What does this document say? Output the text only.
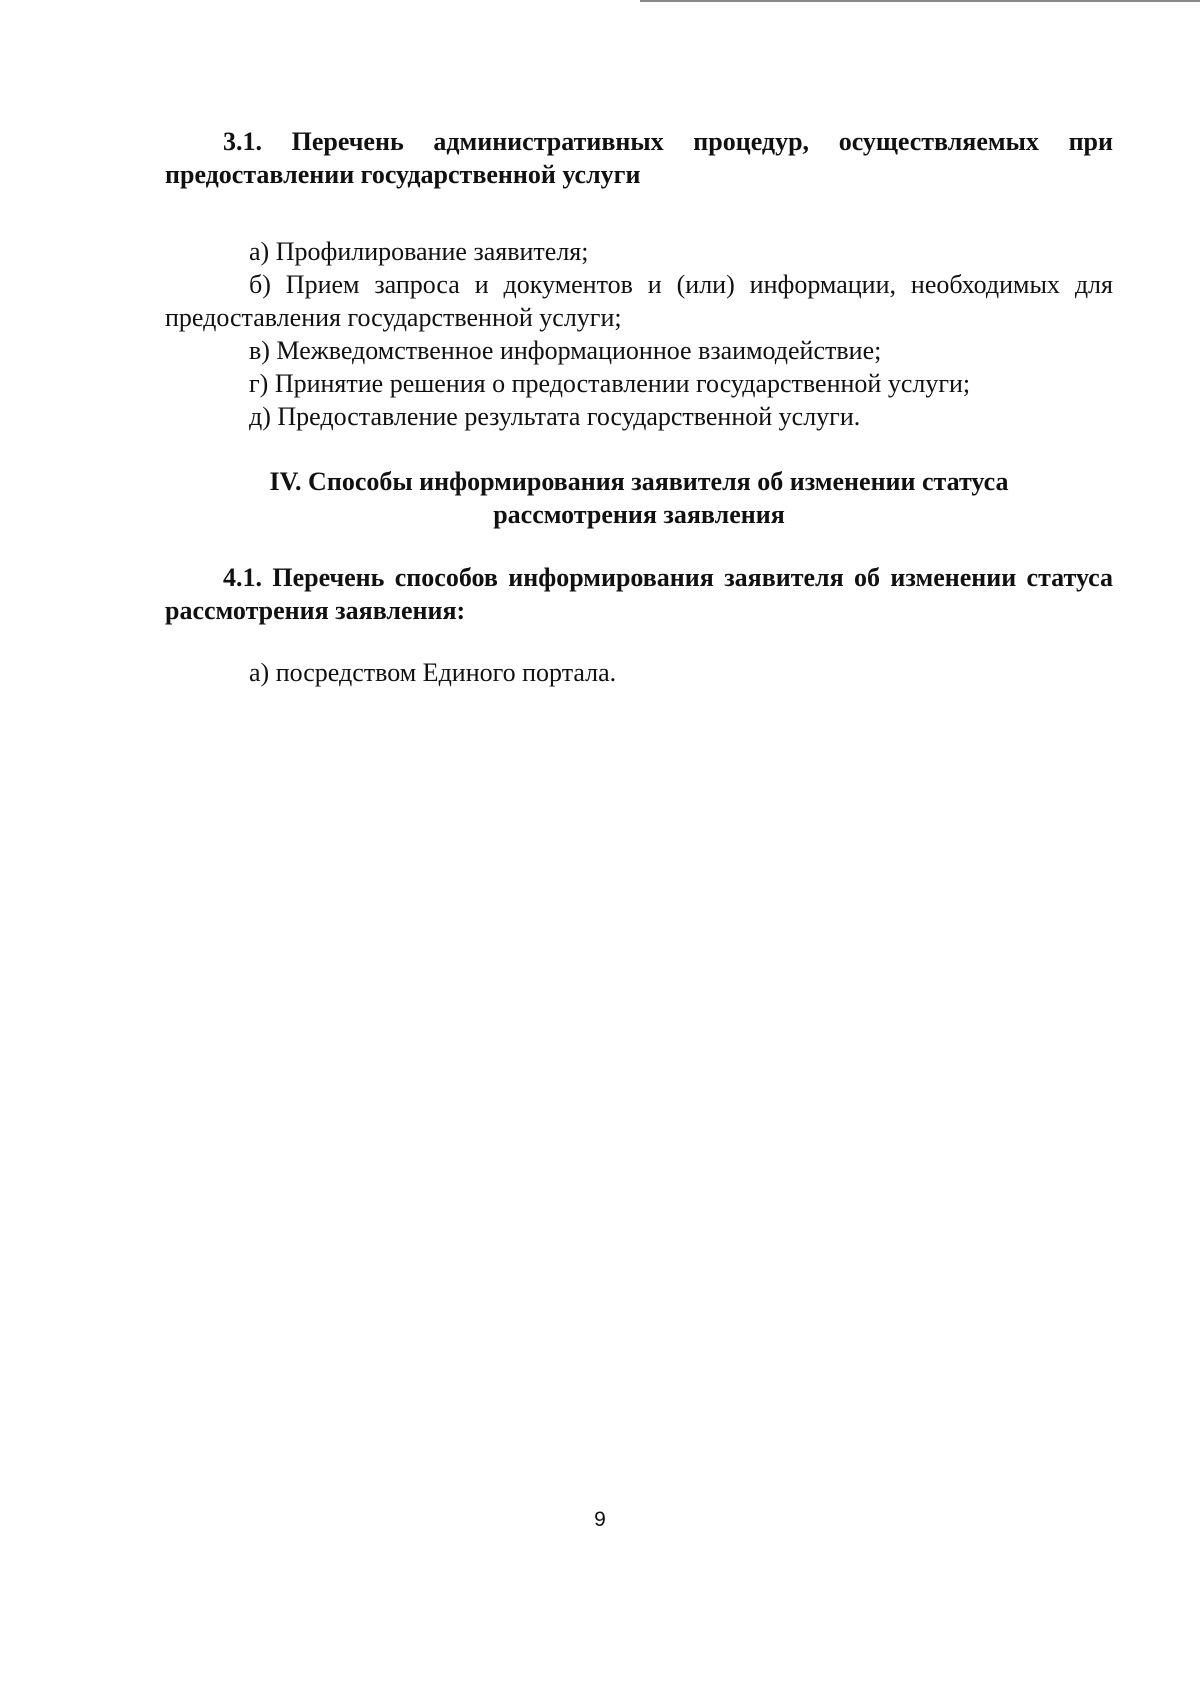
3.1. Перечень административных процедур, осуществляемых при предоставлении государственной услуги

а) Профилирование заявителя;
б) Прием запроса и документов и (или) информации, необходимых для предоставления государственной услуги;
в) Межведомственное информационное взаимодействие;
г) Принятие решения о предоставлении государственной услуги;
д) Предоставление результата государственной услуги.

IV. Способы информирования заявителя об изменении статуса рассмотрения заявления

4.1. Перечень способов информирования заявителя об изменении статуса рассмотрения заявления:

а) посредством Единого портала.
9
